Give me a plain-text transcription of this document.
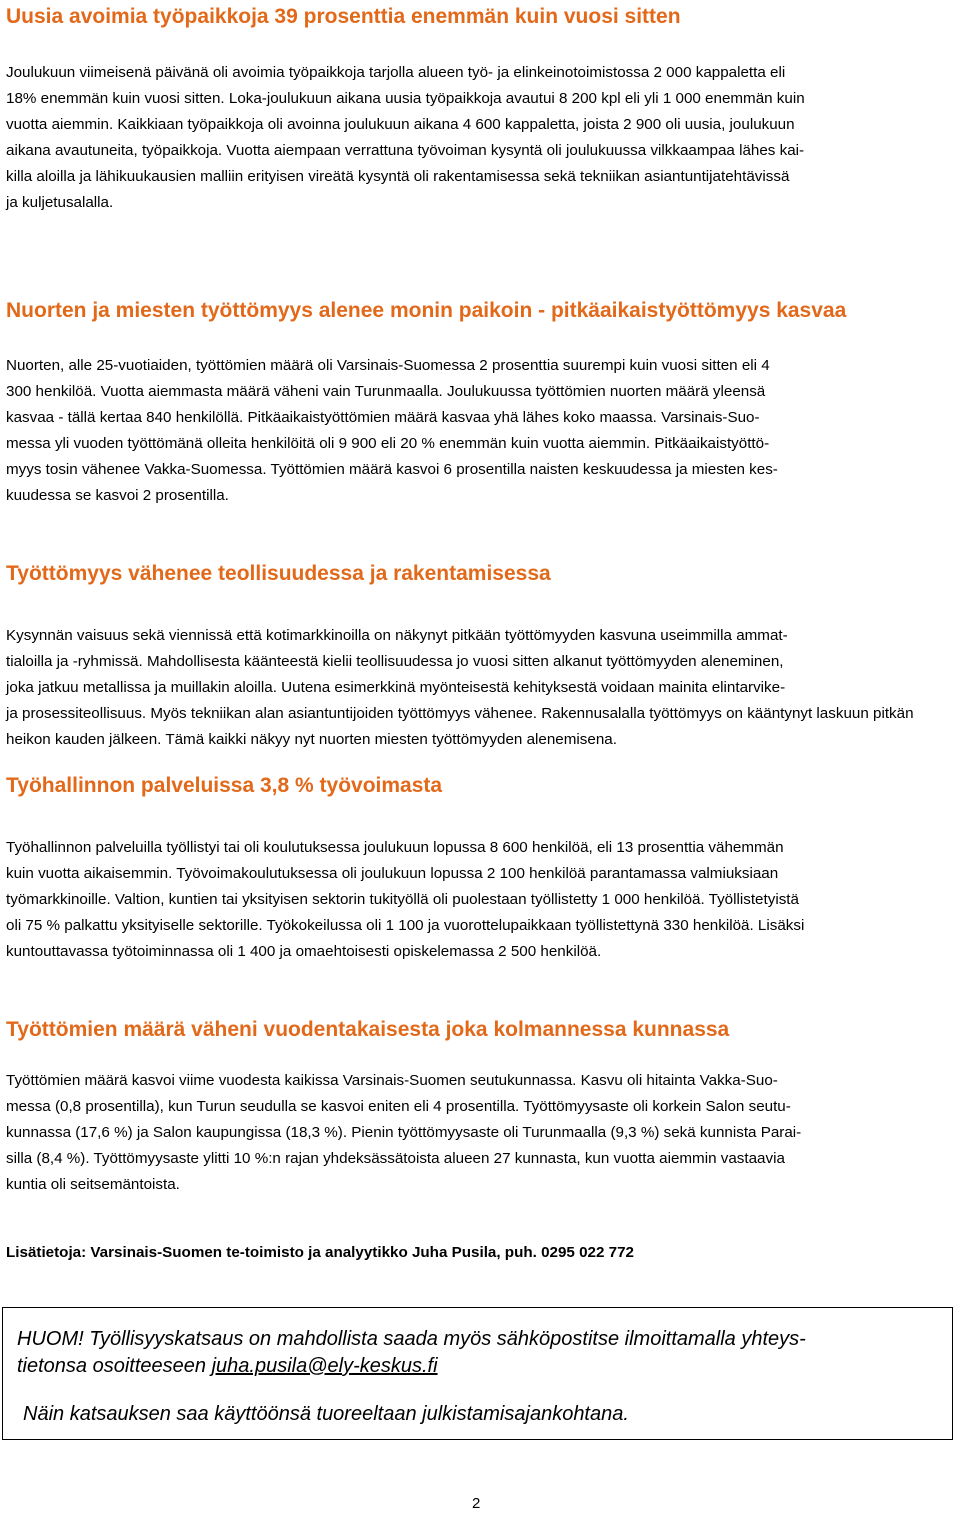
Uusia avoimia työpaikkoja 39 prosenttia enemmän kuin vuosi sitten
Joulukuun viimeisenä päivänä oli avoimia työpaikkoja tarjolla alueen työ- ja elinkeinotoimistossa 2 000 kappaletta eli
18% enemmän kuin vuosi sitten. Loka-joulukuun aikana uusia työpaikkoja avautui 8 200 kpl eli yli 1 000 enemmän kuin
vuotta aiemmin. Kaikkiaan työpaikkoja oli avoinna joulukuun aikana 4 600 kappaletta, joista 2 900 oli uusia, joulukuun
aikana avautuneita, työpaikkoja. Vuotta aiempaan verrattuna työvoiman kysyntä oli joulukuussa vilkkaampaa lähes kai-
killa aloilla ja lähikuukausien malliin erityisen vireätä kysyntä oli rakentamisessa sekä tekniikan asiantuntijatehtävissä
ja kuljetusalalla.
Nuorten ja miesten työttömyys alenee monin paikoin - pitkäaikaistyöttömyys kasvaa
Nuorten, alle 25-vuotiaiden, työttömien määrä oli Varsinais-Suomessa 2 prosenttia suurempi kuin vuosi sitten eli 4
300 henkilöä. Vuotta aiemmasta määrä väheni vain Turunmaalla. Joulukuussa työttömien nuorten määrä yleensä
kasvaa - tällä kertaa 840 henkilöllä. Pitkäaikaistyöttömien määrä kasvaa yhä lähes koko maassa. Varsinais-Suo-
messa yli vuoden työttömänä olleita henkilöitä oli 9 900 eli 20 % enemmän kuin vuotta aiemmin. Pitkäaikaistyöttö-
myys tosin vähenee Vakka-Suomessa. Työttömien määrä kasvoi 6 prosentilla naisten keskuudessa ja miesten kes-
kuudessa se kasvoi 2 prosentilla.
Työttömyys vähenee teollisuudessa ja rakentamisessa
Kysynnän vaisuus sekä viennissä että kotimarkkinoilla on näkynyt pitkään työttömyyden kasvuna useimmilla ammat-
tialoilla ja -ryhmissä. Mahdollisesta käänteestä kielii teollisuudessa jo vuosi sitten alkanut työttömyyden aleneminen,
joka jatkuu metallissa ja muillakin aloilla. Uutena esimerkkinä myönteisestä kehityksestä voidaan mainita elintarvike-
ja prosessiteollisuus. Myös tekniikan alan asiantuntijoiden työttömyys vähenee. Rakennusalalla työttömyys on kääntynyt laskuun pitkän heikon kauden jälkeen. Tämä kaikki näkyy nyt nuorten miesten työttömyyden alenemisena.
Työhallinnon palveluissa 3,8 % työvoimasta
Työhallinnon palveluilla työllistyi tai oli koulutuksessa joulukuun lopussa 8 600 henkilöä, eli 13 prosenttia vähemmän
kuin vuotta aikaisemmin. Työvoimakoulutuksessa oli joulukuun lopussa 2 100 henkilöä parantamassa valmiuksiaan
työmarkkinoille. Valtion, kuntien tai yksityisen sektorin tukityöllä oli puolestaan työllistetty 1 000 henkilöä. Työllistetyistä
oli 75 % palkattu yksityiselle sektorille. Työkokeilussa oli 1 100 ja vuorottelupaikkaan työllistettynä 330 henkilöä. Lisäksi
kuntouttavassa työtoiminnassa oli 1 400 ja omaehtoisesti opiskelemassa 2 500 henkilöä.
Työttömien määrä väheni vuodentakaisesta joka kolmannessa kunnassa
Työttömien määrä kasvoi viime vuodesta kaikissa Varsinais-Suomen seutukunnassa. Kasvu oli hitainta Vakka-Suo-
messa (0,8 prosentilla), kun Turun seudulla se kasvoi eniten eli 4 prosentilla. Työttömyysaste oli korkein Salon seutu-
kunnassa (17,6 %) ja Salon kaupungissa (18,3 %). Pienin työttömyysaste oli Turunmaalla (9,3 %) sekä kunnista Parai-
silla (8,4 %). Työttömyysaste ylitti 10 %:n rajan yhdeksässätoista alueen 27 kunnasta, kun vuotta aiemmin vastaavia
kuntia oli seitsemäntoista.

Lisätietoja: Varsinais-Suomen te-toimisto ja analyytikko Juha Pusila, puh. 0295 022 772

HUOM! Työllisyyskatsaus on mahdollista saada myös sähköpostitse ilmoittamalla yhteys-

tietonsa osoitteeseen juha.pusila@ely-keskus.fi

Näin katsauksen saa käyttöönsä tuoreeltaan julkistamisajankohtana.

2
